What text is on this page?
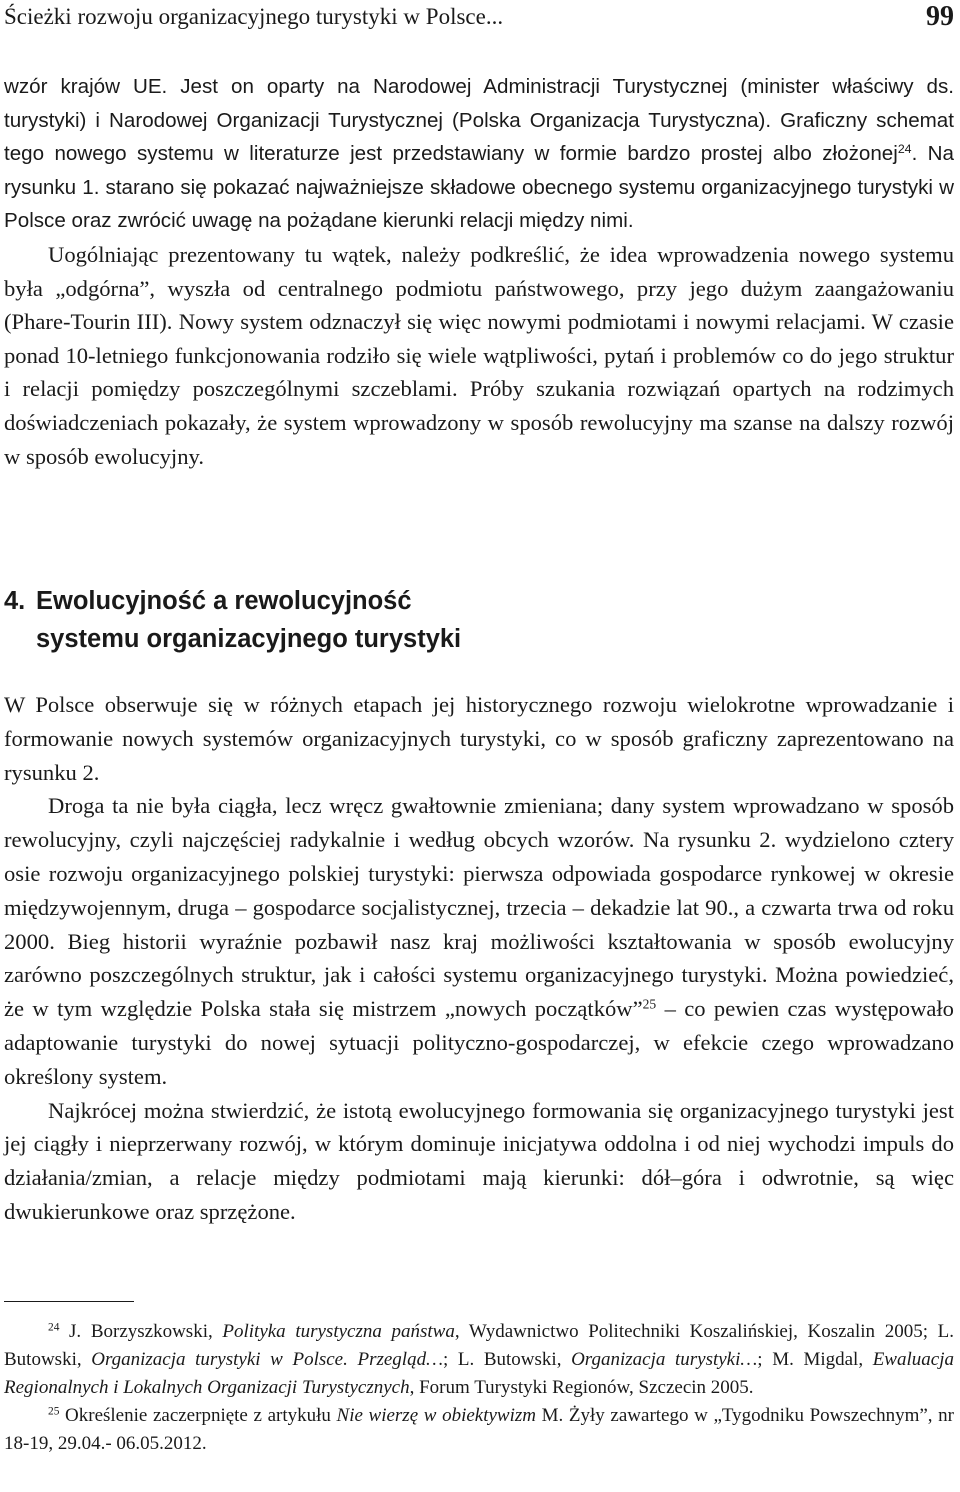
Ścieżki rozwoju organizacyjnego turystyki w Polsce...	99

wzór krajów UE. Jest on oparty na Narodowej Administracji Turystycznej (minister właściwy ds. turystyki) i Narodowej Organizacji Turystycznej (Polska Organizacja Turystyczna). Graficzny schemat tego nowego systemu w literaturze jest przedstawiany w formie bardzo prostej albo złożonej$^{24}$. Na rysunku 1. starano się pokazać najważniejsze składowe obecnego systemu organizacyjnego turystyki w Polsce oraz zwrócić uwagę na pożądane kierunki relacji między nimi.

Uogólniając prezentowany tu wątek, należy podkreślić, że idea wprowadzenia nowego systemu była „odgórna”, wyszła od centralnego podmiotu państwowego, przy jego dużym zaangażowaniu (Phare-Tourin III). Nowy system odznaczył się więc nowymi podmiotami i nowymi relacjami. W czasie ponad 10-letniego funkcjonowania rodziło się wiele wątpliwości, pytań i problemów co do jego struktur i relacji pomiędzy poszczególnymi szczeblami. Próby szukania rozwiązań opartych na rodzimych doświadczeniach pokazały, że system wprowadzony w sposób rewolucyjny ma szanse na dalszy rozwój w sposób ewolucyjny.

4. Ewolucyjność a rewolucyjność
systemu organizacyjnego turystyki

W Polsce obserwuje się w różnych etapach jej historycznego rozwoju wielokrotne wprowadzanie i formowanie nowych systemów organizacyjnych turystyki, co w sposób graficzny zaprezentowano na rysunku 2.

Droga ta nie była ciągła, lecz wręcz gwałtownie zmieniana; dany system wprowadzano w sposób rewolucyjny, czyli najczęściej radykalnie i według obcych wzorów. Na rysunku 2. wydzielono cztery osie rozwoju organizacyjnego polskiej turystyki: pierwsza odpowiada gospodarce rynkowej w okresie międzywojennym, druga – gospodarce socjalistycznej, trzecia – dekadzie lat 90., a czwarta trwa od roku 2000. Bieg historii wyraźnie pozbawił nasz kraj możliwości kształtowania w sposób ewolucyjny zarówno poszczególnych struktur, jak i całości systemu organizacyjnego turystyki. Można powiedzieć, że w tym względzie Polska stała się mistrzem „nowych początków”$^{25}$ – co pewien czas występowało adaptowanie turystyki do nowej sytuacji polityczno-gospodarczej, w efekcie czego wprowadzano określony system.

Najkrócej można stwierdzić, że istotą ewolucyjnego formowania się organizacyjnego turystyki jest jej ciągły i nieprzerwany rozwój, w którym dominuje inicjatywa oddolna i od niej wychodzi impuls do działania/zmian, a relacje między podmiotami mają kierunki: dół–góra i odwrotnie, są więc dwukierunkowe oraz sprzężone.

$^{24}$ J. Borzyszkowski, Polityka turystyczna państwa, Wydawnictwo Politechniki Koszalińskiej, Koszalin 2005; L. Butowski, Organizacja turystyki w Polsce. Przegląd…; L. Butowski, Organizacja turystyki…; M. Migdal, Ewaluacja Regionalnych i Lokalnych Organizacji Turystycznych, Forum Turystyki Regionów, Szczecin 2005.

$^{25}$ Określenie zaczerpnięte z artykułu Nie wierzę w obiektywizm M. Żyły zawartego w „Tygodniku Powszechnym”, nr 18-19, 29.04.- 06.05.2012.
